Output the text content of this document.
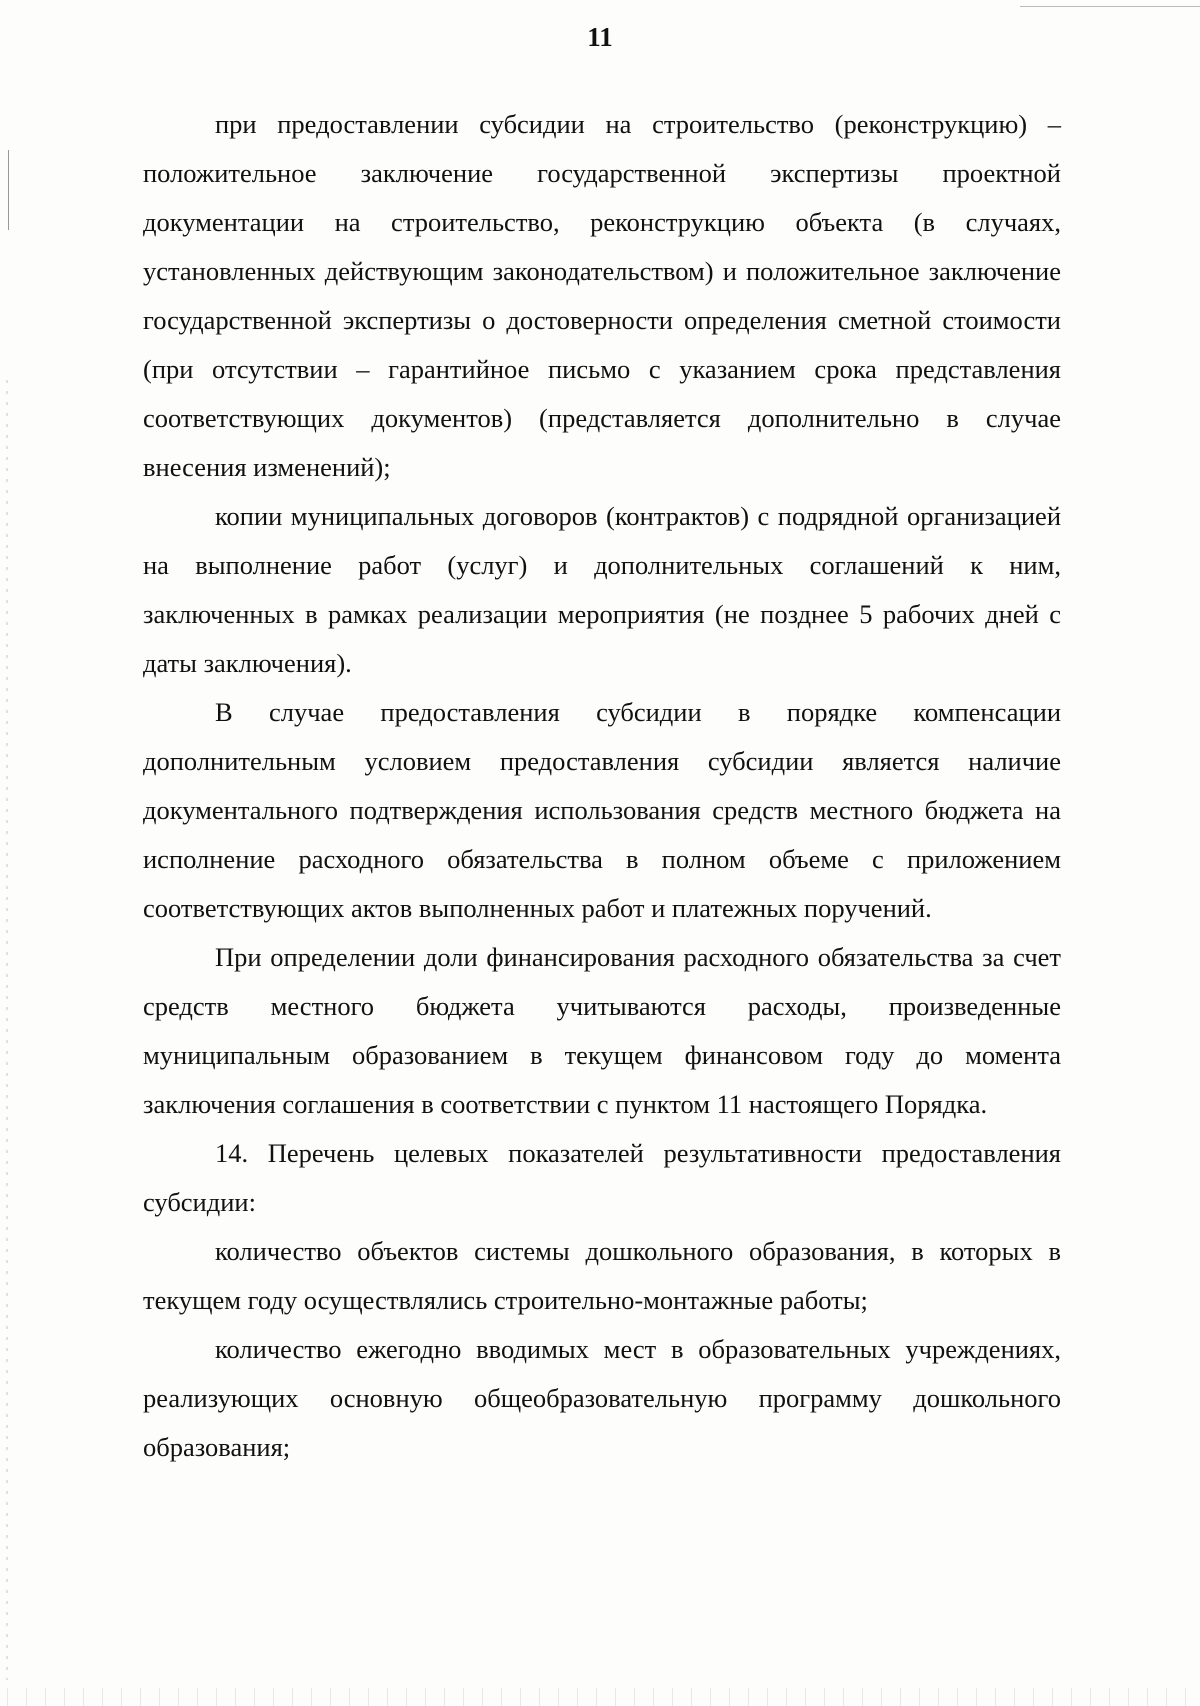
11

при предоставлении субсидии на строительство (реконструкцию) – положительное заключение государственной экспертизы проектной документации на строительство, реконструкцию объекта (в случаях, установленных действующим законодательством) и положительное заключение государственной экспертизы о достоверности определения сметной стоимости (при отсутствии – гарантийное письмо с указанием срока представления соответствующих документов) (представляется дополнительно в случае внесения изменений);

копии муниципальных договоров (контрактов) с подрядной организацией на выполнение работ (услуг) и дополнительных соглашений к ним, заключенных в рамках реализации мероприятия (не позднее 5 рабочих дней с даты заключения).

В случае предоставления субсидии в порядке компенсации дополнительным условием предоставления субсидии является наличие документального подтверждения использования средств местного бюджета на исполнение расходного обязательства в полном объеме с приложением соответствующих актов выполненных работ и платежных поручений.

При определении доли финансирования расходного обязательства за счет средств местного бюджета учитываются расходы, произведенные муниципальным образованием в текущем финансовом году до момента заключения соглашения в соответствии с пунктом 11 настоящего Порядка.

14. Перечень целевых показателей результативности предоставления субсидии:

количество объектов системы дошкольного образования, в которых в текущем году осуществлялись строительно-монтажные работы;

количество ежегодно вводимых мест в образовательных учреждениях, реализующих основную общеобразовательную программу дошкольного образования;
